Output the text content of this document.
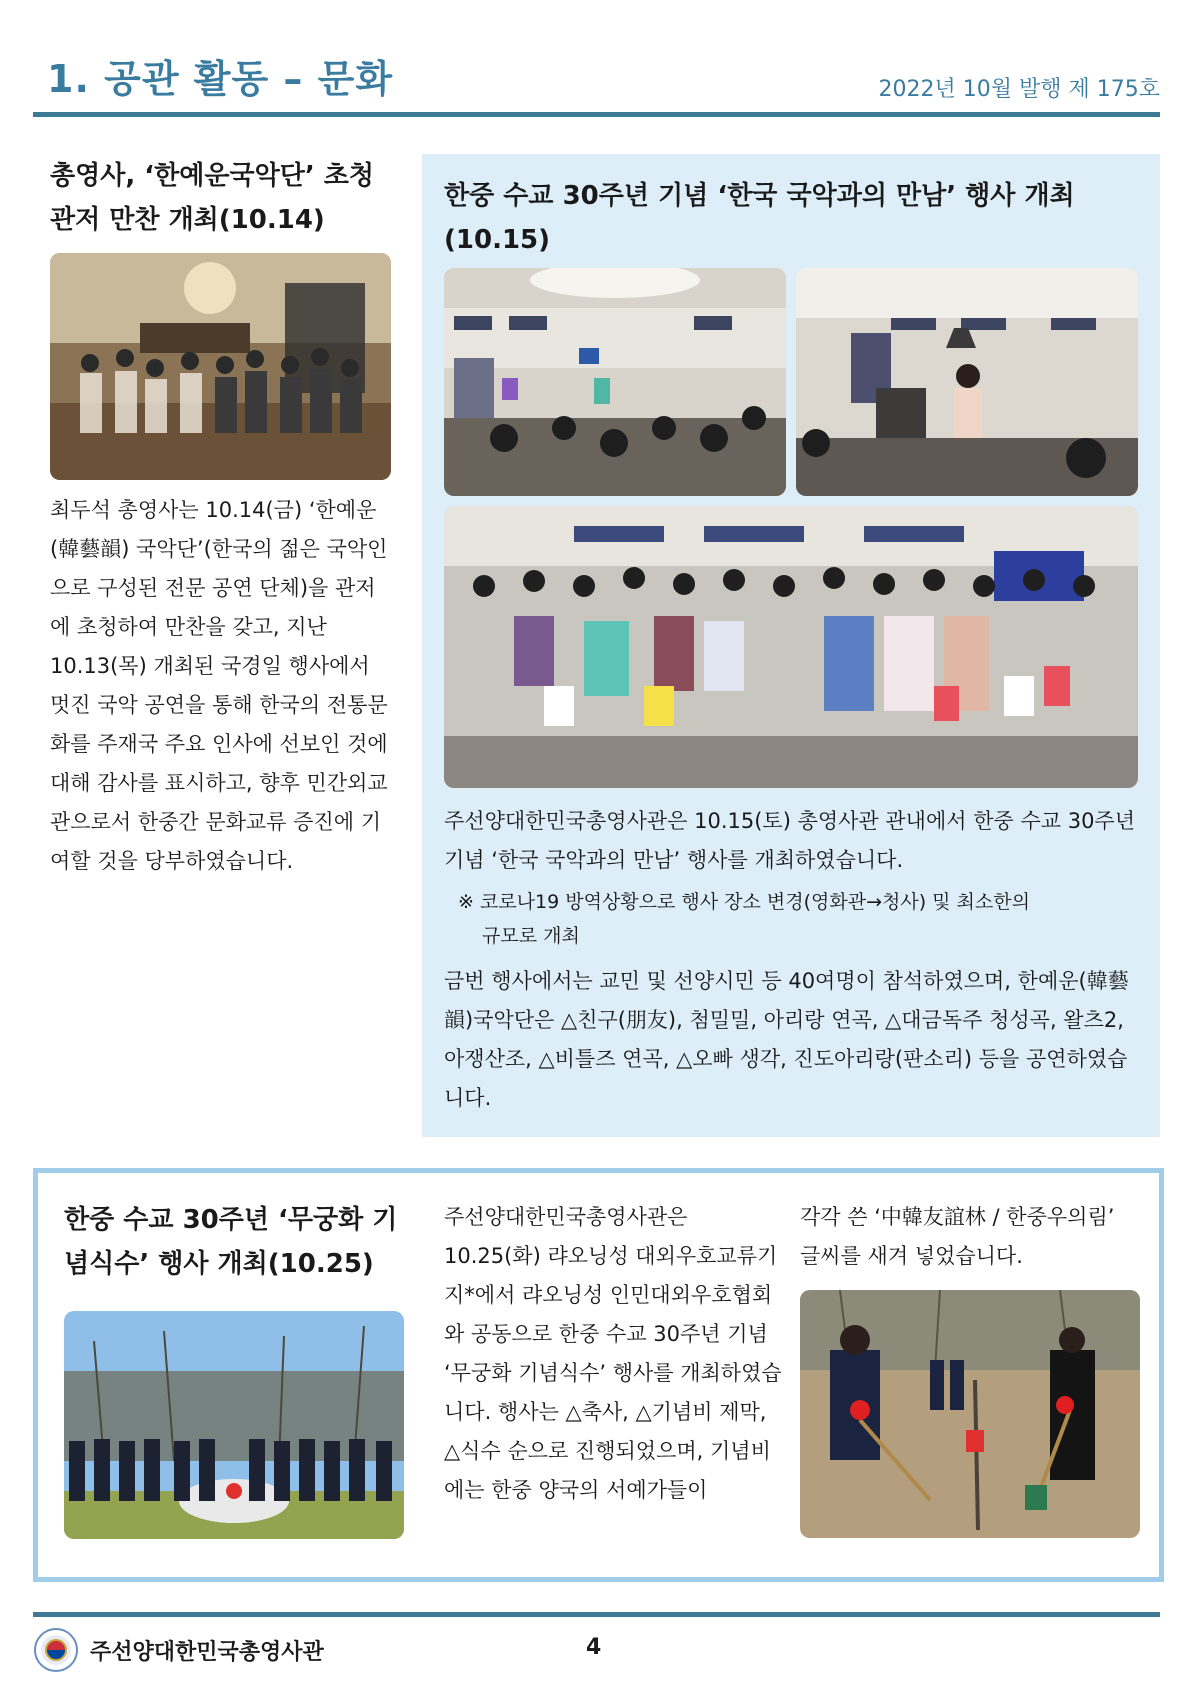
1. 공관 활동 – 문화	2022년 10월 발행 제 175호
총영사, ‘한예운국악단’ 초청 관저 만찬 개최(10.14)

최두석 총영사는 10.14(금) ‘한예운(韓藝韻) 국악단’(한국의 젊은 국악인으로 구성된 전문 공연 단체)을 관저에 초청하여 만찬을 갖고, 지난 10.13(목) 개최된 국경일 행사에서 멋진 국악 공연을 통해 한국의 전통문화를 주재국 주요 인사에 선보인 것에 대해 감사를 표시하고, 향후 민간외교관으로서 한중간 문화교류 증진에 기여할 것을 당부하였습니다.

한중 수교 30주년 기념 ‘한국 국악과의 만남’ 행사 개최 (10.15)

주선양대한민국총영사관은 10.15(토) 총영사관 관내에서 한중 수교 30주년 기념 ‘한국 국악과의 만남’ 행사를 개최하였습니다.

※ 코로나19 방역상황으로 행사 장소 변경(영화관→청사) 및 최소한의
규모로 개최

금번 행사에서는 교민 및 선양시민 등 40여명이 참석하였으며, 한예운(韓藝韻)국악단은 △친구(朋友), 첨밀밀, 아리랑 연곡, △대금독주 청성곡, 왈츠2, 아쟁산조, △비틀즈 연곡, △오빠 생각, 진도아리랑(판소리) 등을 공연하였습니다.

한중 수교 30주년 ‘무궁화 기념식수’ 행사 개최(10.25)

주선양대한민국총영사관은 10.25(화) 랴오닝성 대외우호교류기지*에서 랴오닝성 인민대외우호협회와 공동으로 한중 수교 30주년 기념 ‘무궁화 기념식수’ 행사를 개최하였습니다. 행사는 △축사, △기념비 제막, △식수 순으로 진행되었으며, 기념비에는 한중 양국의 서예가들이

각각 쓴 ‘中韓友誼林 / 한중우의림’ 글씨를 새겨 넣었습니다.

주선양대한민국총영사관	4
